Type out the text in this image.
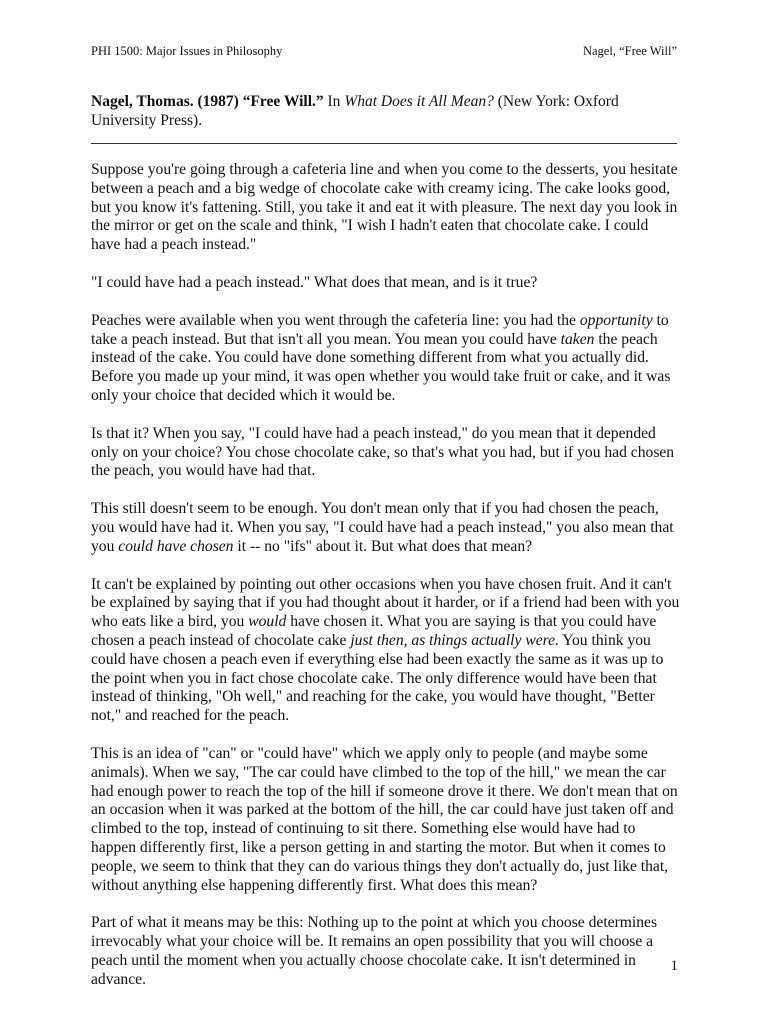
PHI 1500: Major Issues in Philosophy	Nagel, “Free Will”
Nagel, Thomas. (1987) “Free Will.” In What Does it All Mean? (New York: Oxford University Press).

Suppose you're going through a cafeteria line and when you come to the desserts, you hesitate between a peach and a big wedge of chocolate cake with creamy icing. The cake looks good, but you know it's fattening. Still, you take it and eat it with pleasure. The next day you look in the mirror or get on the scale and think, "I wish I hadn't eaten that chocolate cake. I could have had a peach instead."

"I could have had a peach instead." What does that mean, and is it true?

Peaches were available when you went through the cafeteria line: you had the opportunity to take a peach instead. But that isn't all you mean. You mean you could have taken the peach instead of the cake. You could have done something different from what you actually did. Before you made up your mind, it was open whether you would take fruit or cake, and it was only your choice that decided which it would be.

Is that it? When you say, "I could have had a peach instead," do you mean that it depended only on your choice? You chose chocolate cake, so that's what you had, but if you had chosen the peach, you would have had that.

This still doesn't seem to be enough. You don't mean only that if you had chosen the peach, you would have had it. When you say, "I could have had a peach instead," you also mean that you could have chosen it -- no "ifs" about it. But what does that mean?

It can't be explained by pointing out other occasions when you have chosen fruit. And it can't be explained by saying that if you had thought about it harder, or if a friend had been with you who eats like a bird, you would have chosen it. What you are saying is that you could have chosen a peach instead of chocolate cake just then, as things actually were. You think you could have chosen a peach even if everything else had been exactly the same as it was up to the point when you in fact chose chocolate cake. The only difference would have been that instead of thinking, "Oh well," and reaching for the cake, you would have thought, "Better not," and reached for the peach.

This is an idea of "can" or "could have" which we apply only to people (and maybe some animals). When we say, "The car could have climbed to the top of the hill," we mean the car had enough power to reach the top of the hill if someone drove it there. We don't mean that on an occasion when it was parked at the bottom of the hill, the car could have just taken off and climbed to the top, instead of continuing to sit there. Something else would have had to happen differently first, like a person getting in and starting the motor. But when it comes to people, we seem to think that they can do various things they don't actually do, just like that, without anything else happening differently first. What does this mean?

Part of what it means may be this: Nothing up to the point at which you choose determines irrevocably what your choice will be. It remains an open possibility that you will choose a peach until the moment when you actually choose chocolate cake. It isn't determined in advance.

1
